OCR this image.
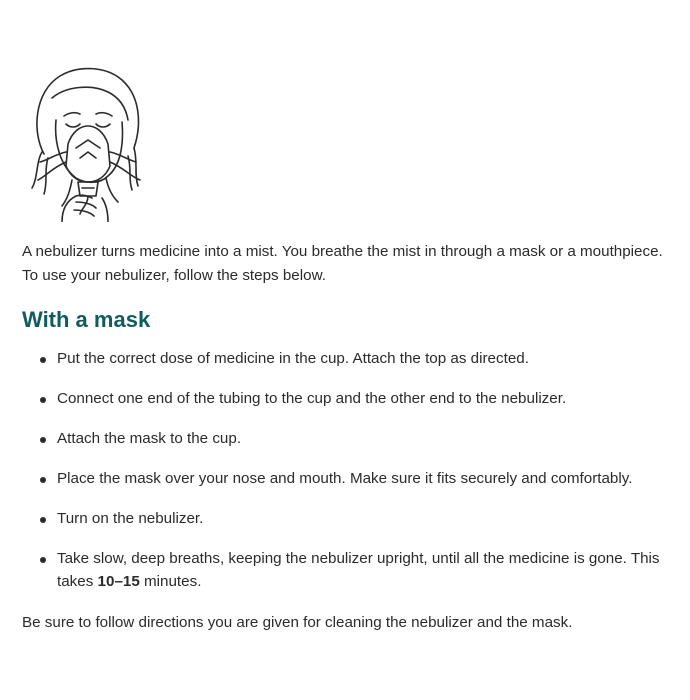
A nebulizer turns medicine into a mist. You breathe the mist in through a mask or a mouthpiece. To use your nebulizer, follow the steps below.

With a mask
Put the correct dose of medicine in the cup. Attach the top as directed.
Connect one end of the tubing to the cup and the other end to the nebulizer.
Attach the mask to the cup.
Place the mask over your nose and mouth. Make sure it fits securely and comfortably.
Turn on the nebulizer.
Take slow, deep breaths, keeping the nebulizer upright, until all the medicine is gone. This takes 10–15 minutes.

Be sure to follow directions you are given for cleaning the nebulizer and the mask.
